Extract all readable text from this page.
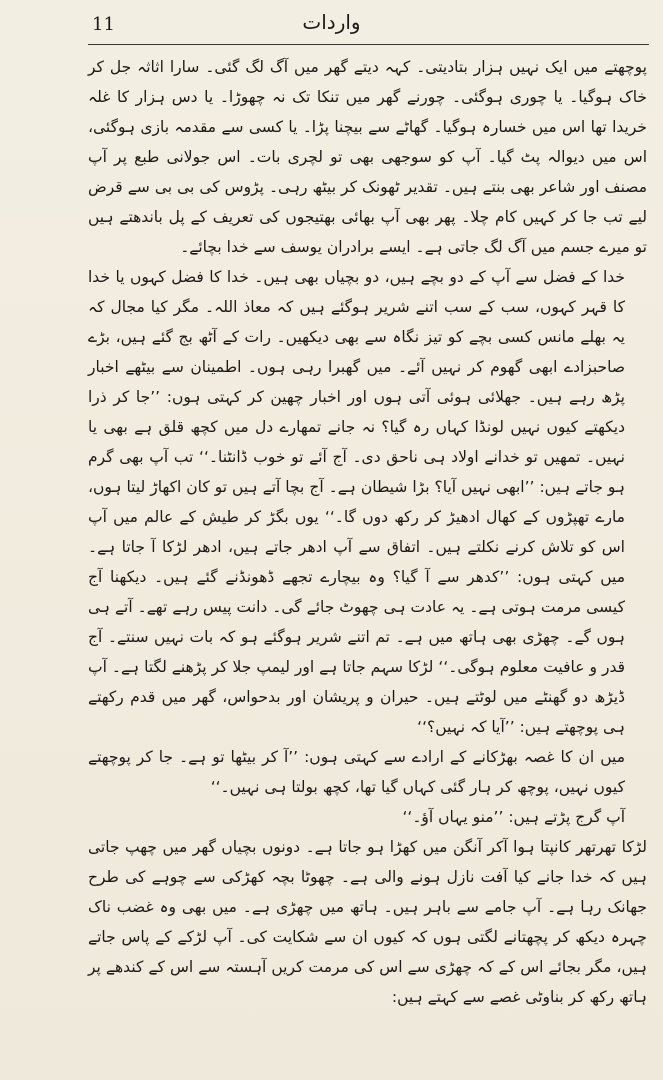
11	واردات

پوچھتے میں ایک نہیں ہزار بتادیتی۔ کہہ دیتے گھر میں آگ لگ گئی۔ سارا اثاثہ جل کر خاک ہوگیا۔ یا چوری ہوگئی۔ چورنے گھر میں تنکا تک نہ چھوڑا۔ یا دس ہزار کا غلہ خریدا تھا اس میں خسارہ ہوگیا۔ گھاٹے سے بیچنا پڑا۔ یا کسی سے مقدمہ بازی ہوگئی، اس میں دیوالہ پٹ گیا۔ آپ کو سوجھی بھی تو لچری بات۔ اس جولانی طبع پر آپ مصنف اور شاعر بھی بنتے ہیں۔ تقدیر ٹھونک کر بیٹھ رہی۔ پڑوس کی بی بی سے قرض لیے تب جا کر کہیں کام چلا۔ پھر بھی آپ بھائی بھتیجوں کی تعریف کے پل باندھتے ہیں تو میرے جسم میں آگ لگ جاتی ہے۔ ایسے برادران یوسف سے خدا بچائے۔

خدا کے فضل سے آپ کے دو بچے ہیں، دو بچیاں بھی ہیں۔ خدا کا فضل کہوں یا خدا کا قہر کہوں، سب کے سب اتنے شریر ہوگئے ہیں کہ معاذ اللہ۔ مگر کیا مجال کہ یہ بھلے مانس کسی بچے کو تیز نگاہ سے بھی دیکھیں۔ رات کے آٹھ بج گئے ہیں، بڑے صاحبزادے ابھی گھوم کر نہیں آئے۔ میں گھبرا رہی ہوں۔ اطمینان سے بیٹھے اخبار پڑھ رہے ہیں۔ جھلائی ہوئی آتی ہوں اور اخبار چھین کر کہتی ہوں: ’’جا کر ذرا دیکھتے کیوں نہیں لونڈا کہاں رہ گیا؟ نہ جانے تمھارے دل میں کچھ قلق ہے بھی یا نہیں۔ تمھیں تو خدانے اولاد ہی ناحق دی۔ آج آئے تو خوب ڈانٹنا۔‘‘ تب آپ بھی گرم ہو جاتے ہیں: ’’ابھی نہیں آیا؟ بڑا شیطان ہے۔ آج بچا آتے ہیں تو کان اکھاڑ لیتا ہوں، مارے تھپڑوں کے کھال ادھیڑ کر رکھ دوں گا۔‘‘ یوں بگڑ کر طیش کے عالم میں آپ اس کو تلاش کرنے نکلتے ہیں۔ اتفاق سے آپ ادھر جاتے ہیں، ادھر لڑکا آ جاتا ہے۔ میں کہتی ہوں: ’’کدھر سے آ گیا؟ وہ بیچارے تجھے ڈھونڈنے گئے ہیں۔ دیکھنا آج کیسی مرمت ہوتی ہے۔ یہ عادت ہی چھوٹ جائے گی۔ دانت پیس رہے تھے۔ آتے ہی ہوں گے۔ چھڑی بھی ہاتھ میں ہے۔ تم اتنے شریر ہوگئے ہو کہ بات نہیں سنتے۔ آج قدر و عافیت معلوم ہوگی۔‘‘ لڑکا سہم جاتا ہے اور لیمپ جلا کر پڑھنے لگتا ہے۔ آپ ڈیڑھ دو گھنٹے میں لوٹتے ہیں۔ حیران و پریشان اور بدحواس، گھر میں قدم رکھتے ہی پوچھتے ہیں: ’’آیا کہ نہیں؟‘‘

میں ان کا غصہ بھڑکانے کے ارادے سے کہتی ہوں: ’’آ کر بیٹھا تو ہے۔ جا کر پوچھتے کیوں نہیں، پوچھ کر ہار گئی کہاں گیا تھا، کچھ بولتا ہی نہیں۔‘‘

آپ گرج پڑتے ہیں: ’’منو یہاں آؤ۔‘‘

لڑکا تھرتھر کانپتا ہوا آکر آنگن میں کھڑا ہو جاتا ہے۔ دونوں بچیاں گھر میں چھپ جاتی ہیں کہ خدا جانے کیا آفت نازل ہونے والی ہے۔ چھوٹا بچہ کھڑکی سے چوہے کی طرح جھانک رہا ہے۔ آپ جامے سے باہر ہیں۔ ہاتھ میں چھڑی ہے۔ میں بھی وہ غضب ناک چہرہ دیکھ کر پچھتانے لگتی ہوں کہ کیوں ان سے شکایت کی۔ آپ لڑکے کے پاس جاتے ہیں، مگر بجائے اس کے کہ چھڑی سے اس کی مرمت کریں آہستہ سے اس کے کندھے پر ہاتھ رکھ کر بناوٹی غصے سے کہتے ہیں:
